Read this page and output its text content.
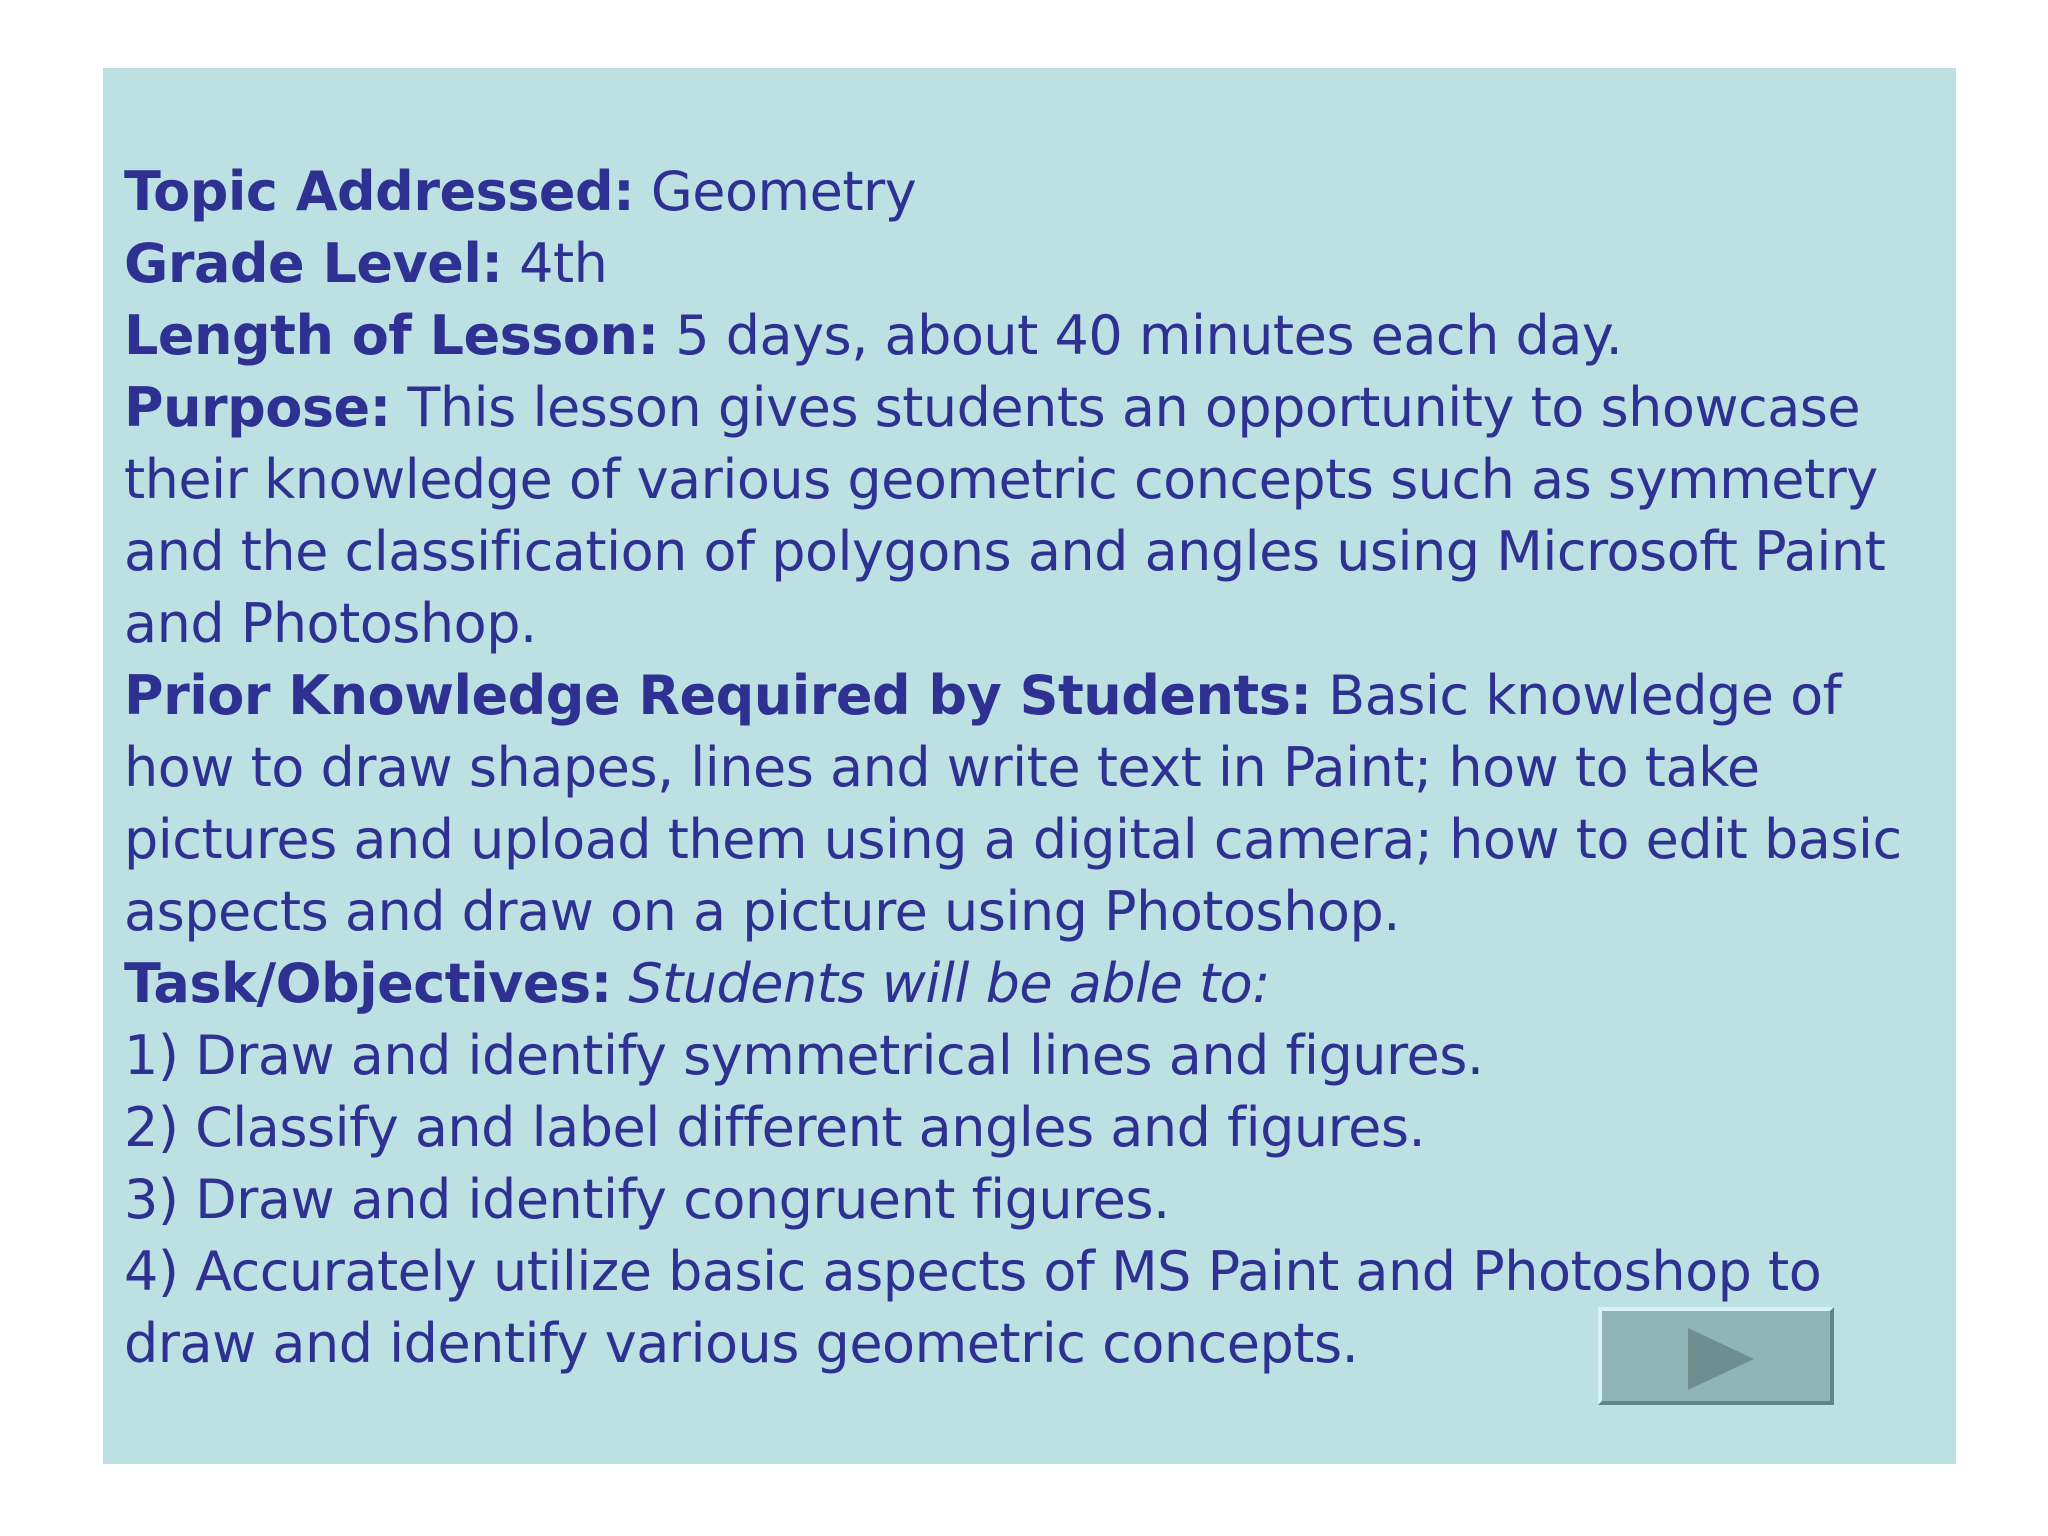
Topic Addressed: Geometry

Grade Level: 4th

Length of Lesson: 5 days, about 40 minutes each day.

Purpose: This lesson gives students an opportunity to showcase their knowledge of various geometric concepts such as symmetry and the classification of polygons and angles using Microsoft Paint and Photoshop.

Prior Knowledge Required by Students: Basic knowledge of how to draw shapes, lines and write text in Paint; how to take pictures and upload them using a digital camera; how to edit basic aspects and draw on a picture using Photoshop.

Task/Objectives: Students will be able to:

1) Draw and identify symmetrical lines and figures.

2) Classify and label different angles and figures.

3) Draw and identify congruent figures.

4) Accurately utilize basic aspects of MS Paint and Photoshop to draw and identify various geometric concepts.
